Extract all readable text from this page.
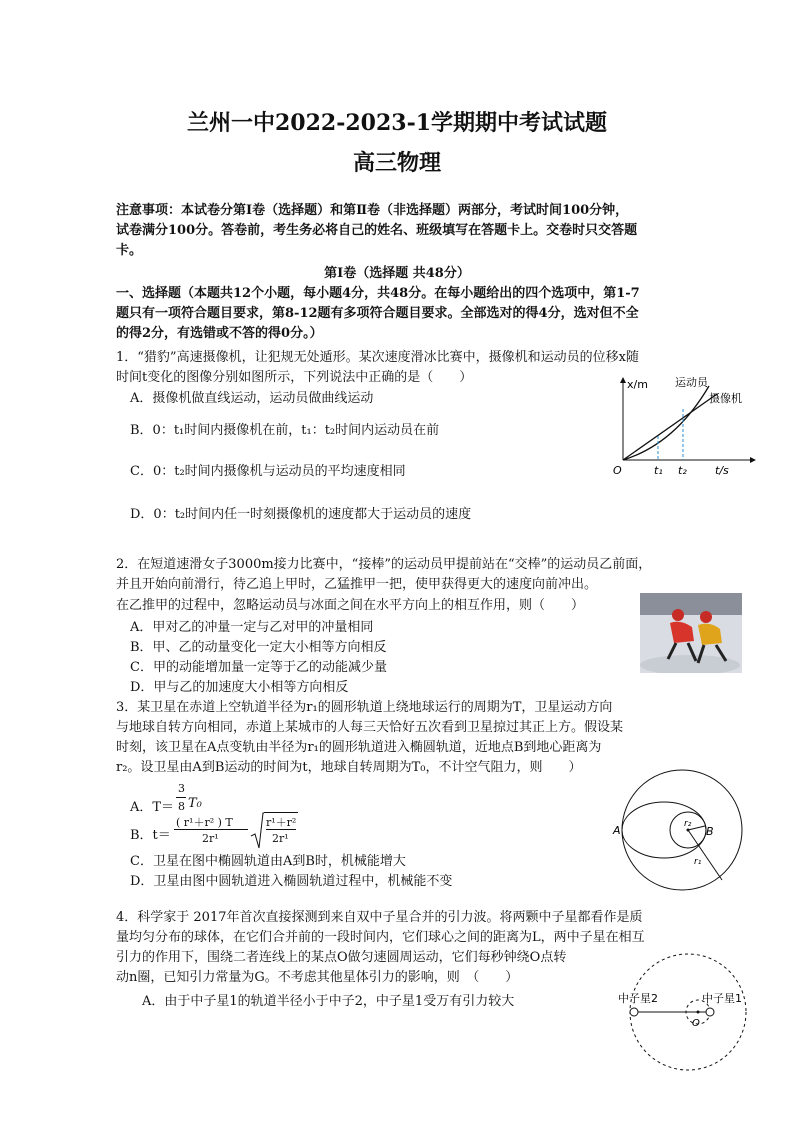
兰州一中2022-2023-1学期期中考试试题
高三物理
注意事项：本试卷分第Ⅰ卷（选择题）和第Ⅱ卷（非选择题）两部分，考试时间100分钟，
试卷满分100分。答卷前，考生务必将自己的姓名、班级填写在答题卡上。交卷时只交答题
卡。
第Ⅰ卷（选择题 共48分）
一、选择题（本题共12个小题，每小题4分，共48分。在每小题给出的四个选项中，第1-7
题只有一项符合题目要求，第8-12题有多项符合题目要求。全部选对的得4分，选对但不全
的得2分，有选错或不答的得0分。）
1．“猎豹”高速摄像机，让犯规无处遁形。某次速度滑冰比赛中，摄像机和运动员的位移x随
时间t变化的图像分别如图所示，下列说法中正确的是（　　）
A．摄像机做直线运动，运动员做曲线运动
B．0：t₁时间内摄像机在前，t₁：t₂时间内运动员在前
C．0：t₂时间内摄像机与运动员的平均速度相同
D．0：t₂时间内任一时刻摄像机的速度都大于运动员的速度
x/m
t/s
O	t₁ t₂
运动员
摄像机
2．在短道速滑女子3000m接力比赛中，“接棒”的运动员甲提前站在“交棒”的运动员乙前面，
并且开始向前滑行，待乙追上甲时，乙猛推甲一把，使甲获得更大的速度向前冲出。
在乙推甲的过程中，忽略运动员与冰面之间在水平方向上的相互作用，则（　　）
A．甲对乙的冲量一定与乙对甲的冲量相同
B．甲、乙的动量变化一定大小相等方向相反
C．甲的动能增加量一定等于乙的动能减少量
D．甲与乙的加速度大小相等方向相反
3．某卫星在赤道上空轨道半径为r₁的圆形轨道上绕地球运行的周期为T，卫星运动方向
与地球自转方向相同，赤道上某城市的人每三天恰好五次看到卫星掠过其正上方。假设某
时刻，该卫星在A点变轨由半径为r₁的圆形轨道进入椭圆轨道，近地点B到地心距离为
r₂。设卫星由A到B运动的时间为t，地球自转周期为T₀，不计空气阻力，则　　）
A．T＝
3
8 T₀
B．t＝
( r¹＋r² ) T
2r¹
r¹＋r²
2r¹
C．卫星在图中椭圆轨道由A到B时，机械能增大
D．卫星由图中圆轨道进入椭圆轨道过程中，机械能不变
A	B
r₂
r₁
4．科学家于 2017年首次直接探测到来自双中子星合并的引力波。将两颗中子星都看作是质
量均匀分布的球体，在它们合并前的一段时间内，它们球心之间的距离为L，两中子星在相互
引力的作用下，围绕二者连线上的某点O做匀速圆周运动，它们每秒钟绕O点转
动n圈，已知引力常量为G。不考虑其他星体引力的影响，则　（　　）
A．由于中子星1的轨道半径小于中子2，中子星1受万有引力较大	中子星2	中子星1
O
